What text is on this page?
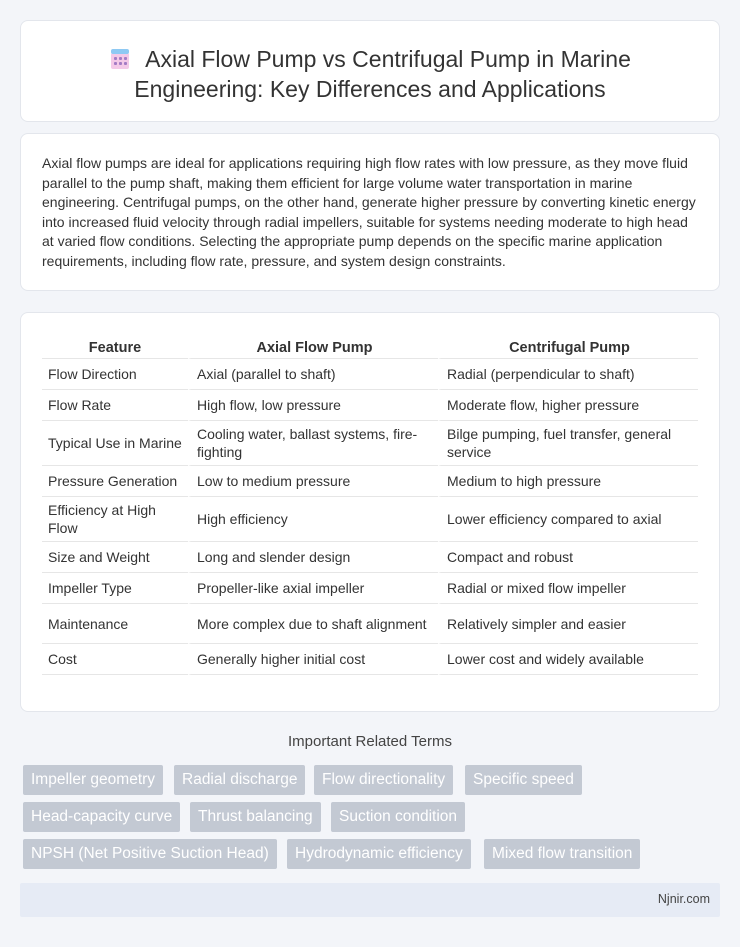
Axial Flow Pump vs Centrifugal Pump in Marine
Engineering: Key Differences and Applications

Axial flow pumps are ideal for applications requiring high flow rates with low pressure, as they move fluid parallel to the pump shaft, making them efficient for large volume water transportation in marine engineering. Centrifugal pumps, on the other hand, generate higher pressure by converting kinetic energy into increased fluid velocity through radial impellers, suitable for systems needing moderate to high head at varied flow conditions. Selecting the appropriate pump depends on the specific marine application requirements, including flow rate, pressure, and system design constraints.

Feature	Axial Flow Pump	Centrifugal Pump
Flow Direction	Axial (parallel to shaft)	Radial (perpendicular to shaft)
Flow Rate	High flow, low pressure	Moderate flow, higher pressure
Typical Use in Marine	Cooling water, ballast systems, fire-fighting	Bilge pumping, fuel transfer, general service
Pressure Generation	Low to medium pressure	Medium to high pressure
Efficiency at High Flow	High efficiency	Lower efficiency compared to axial
Size and Weight	Long and slender design	Compact and robust
Impeller Type	Propeller-like axial impeller	Radial or mixed flow impeller
Maintenance	More complex due to shaft alignment	Relatively simpler and easier
Cost	Generally higher initial cost	Lower cost and widely available
Important Related Terms
Impeller geometry	Radial discharge	Flow directionality	Specific speed
Head-capacity curve	Thrust balancing	Suction condition
NPSH (Net Positive Suction Head)	Hydrodynamic efficiency	Mixed flow transition
Njnir.com
